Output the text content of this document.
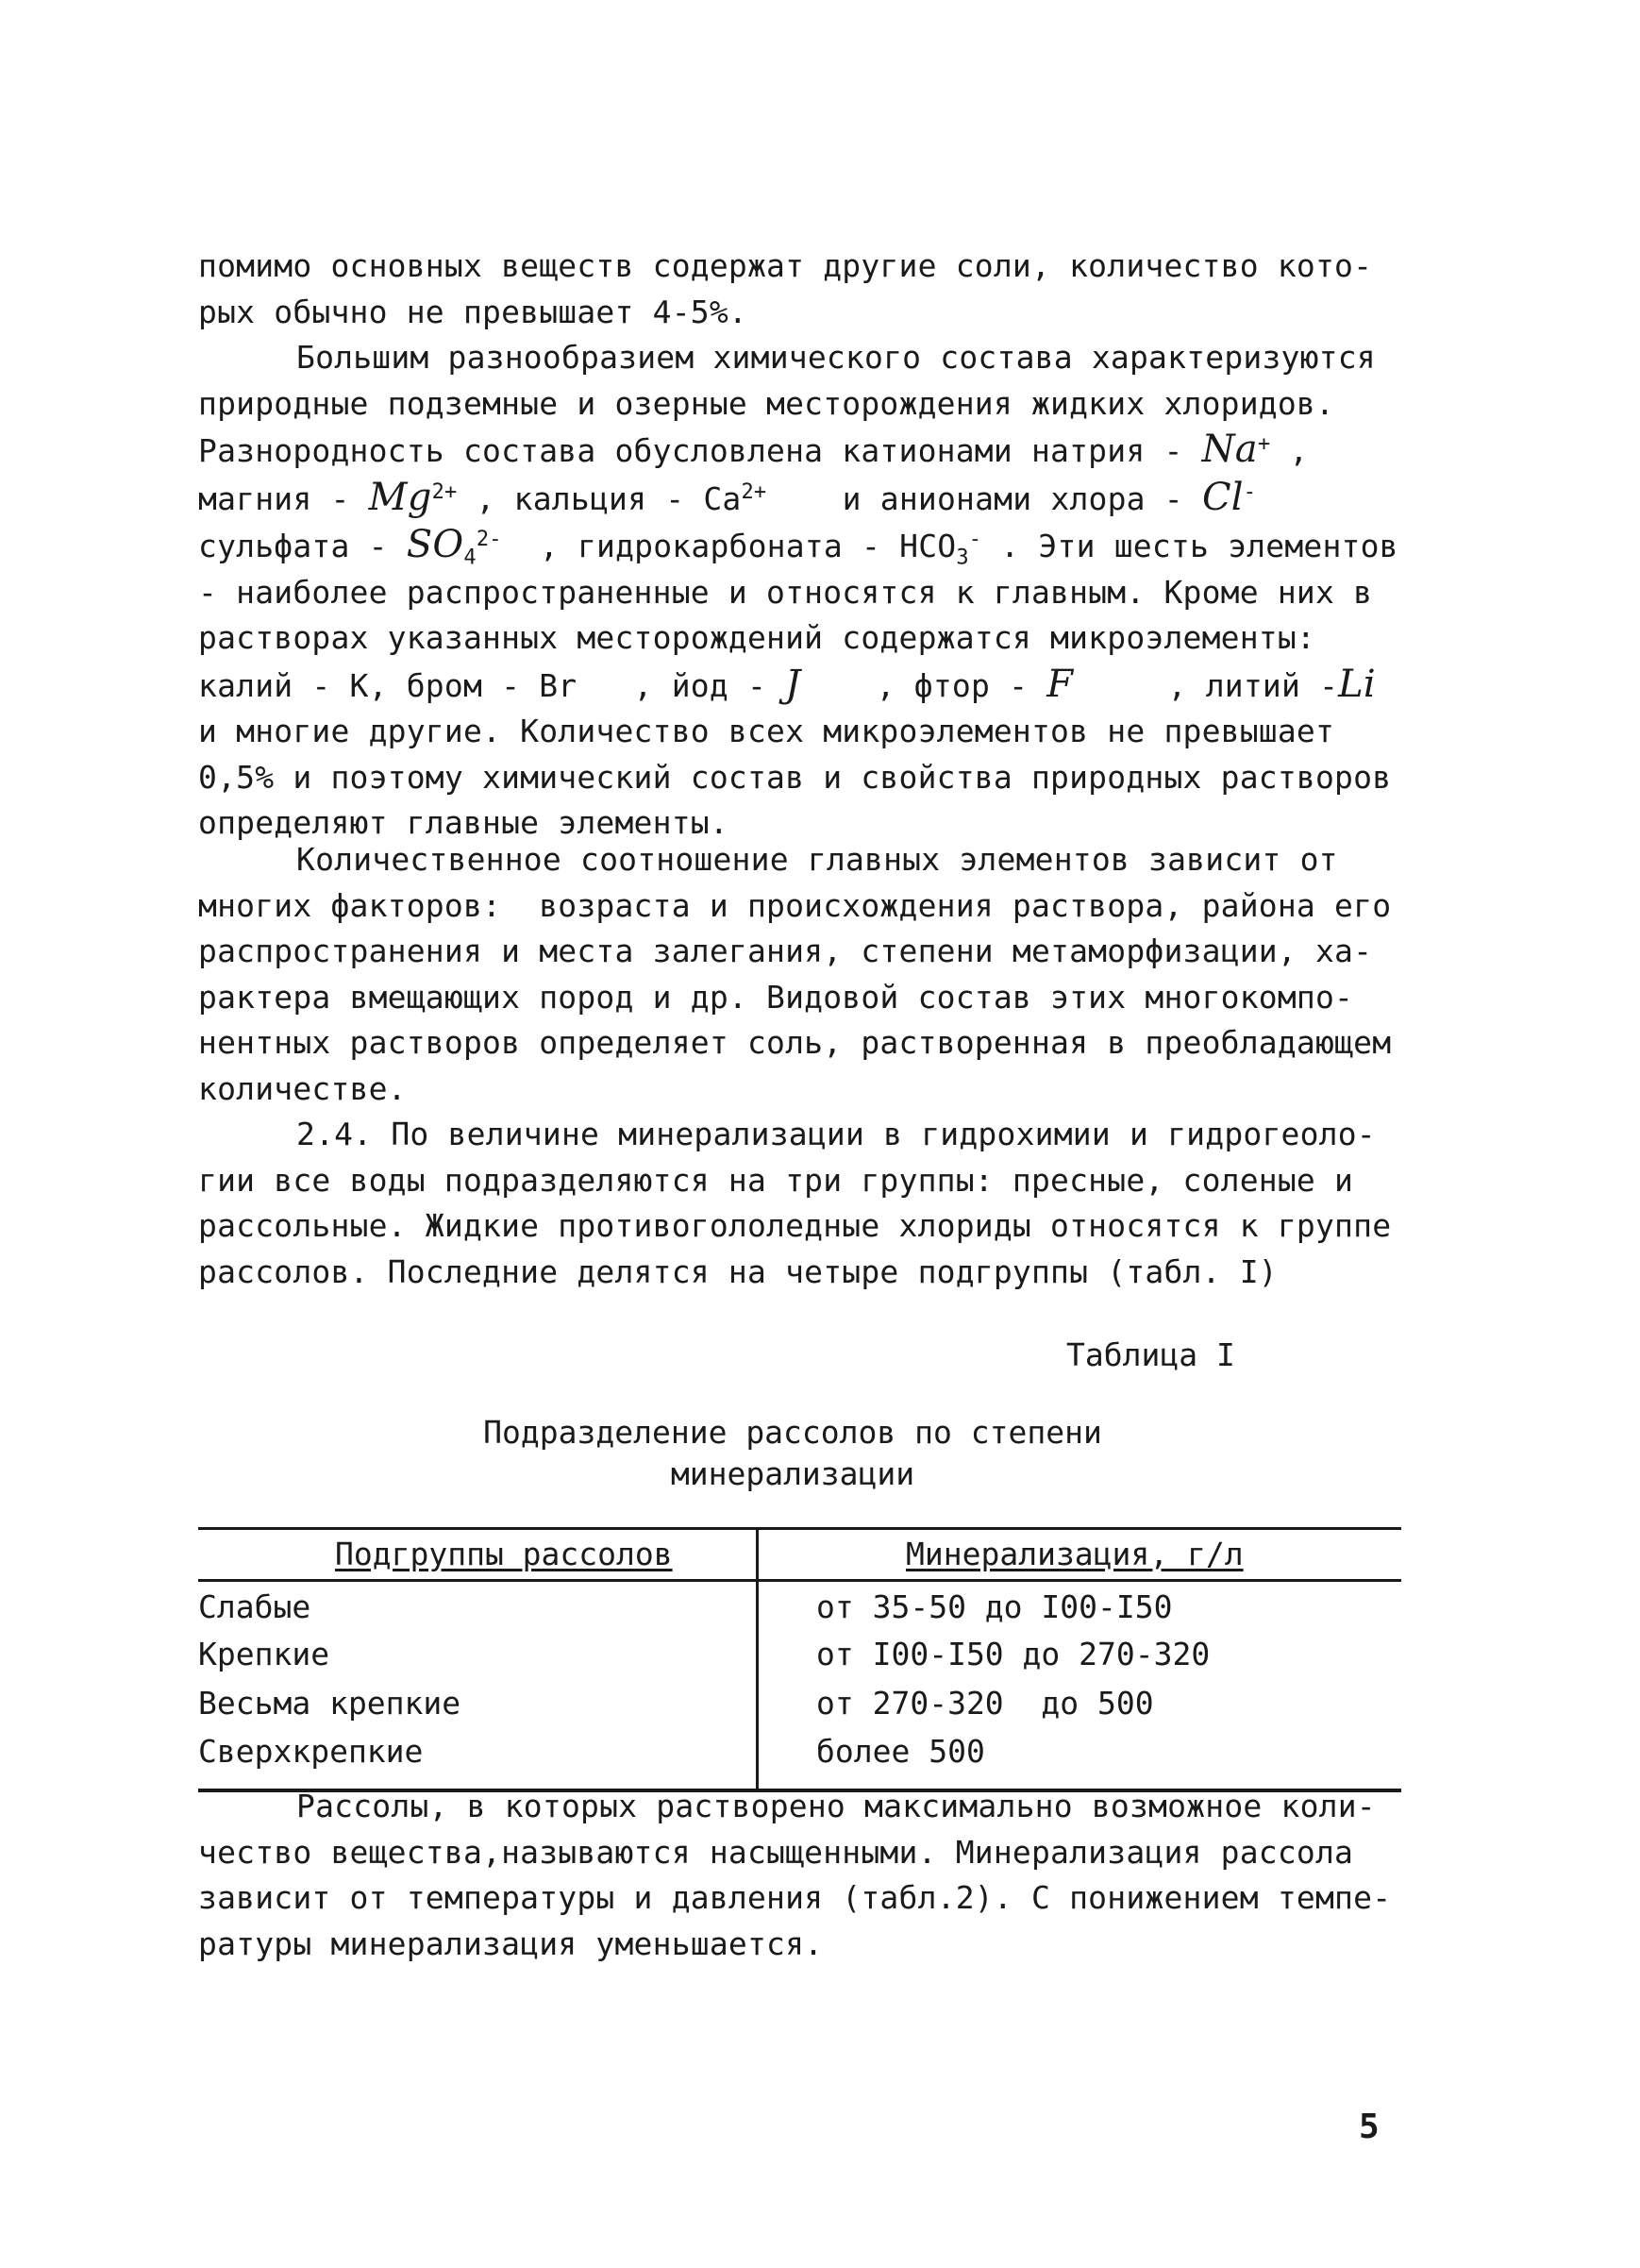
помимо основных веществ содержат другие соли, количество кото-

рых обычно не превышает 4-5%.

Большим разнообразием химического состава характеризуются

природные подземные и озерные месторождения жидких хлоридов.

Разнородность состава обусловлена катионами натрия - Na+ ,

магния - $Mg^{2+}$ , кальция - $Ca^{2+}$    и анионами хлора - Cl-

сульфата - $SO_4^{2-}$  , гидрокарбоната - $HCO_3^-$ . Эти шесть элементов

- наиболее распространенные и относятся к главным. Кроме них в

растворах указанных месторождений содержатся микроэлементы:

калий - K, бром - Br   , йод - J    , фтор - F     , литий -Li

и многие другие. Количество всех микроэлементов не превышает

0,5% и поэтому химический состав и свойства природных растворов

определяют главные элементы.

Количественное соотношение главных элементов зависит от

многих факторов:  возраста и происхождения раствора, района его

распространения и места залегания, степени метаморфизации, ха-

рактера вмещающих пород и др. Видовой состав этих многокомпо-

нентных растворов определяет соль, растворенная в преобладающем

количестве.

2.4. По величине минерализации в гидрохимии и гидрогеоло-

гии все воды подразделяются на три группы: пресные, соленые и

рассольные. Жидкие противогололедные хлориды относятся к группе

рассолов. Последние делятся на четыре подгруппы (табл. I)

Таблица I
Подразделение рассолов по степени
минерализации
Подгруппы рассолов	Минерализация, г/л
Слабые	от 35-50 до I00-I50
Крепкие	от I00-I50 до 270-320
Весьма крепкие	от 270-320  до 500
Сверхкрепкие	более 500

Рассолы, в которых растворено максимально возможное коли-

чество вещества,называются насыщенными. Минерализация рассола

зависит от температуры и давления (табл.2). С понижением темпе-

ратуры минерализация уменьшается.

5
